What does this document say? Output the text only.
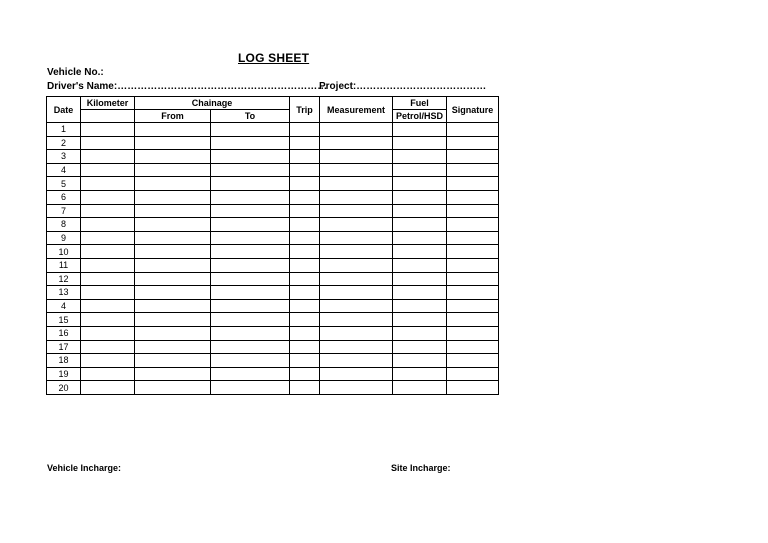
LOG SHEET
Vehicle No.:
Driver's Name:………………………………………………………
Project:…………………………………
Date	Kilometer	Chainage		Trip	Measurement	Fuel	Signature
		From	To			Petrol/HSD	
1							
2							
3							
4							
5							
6							
7							
8							
9							
10							
11							
12							
13							
4							
15							
16							
17							
18							
19							
20							
Vehicle Incharge:	Site Incharge:
